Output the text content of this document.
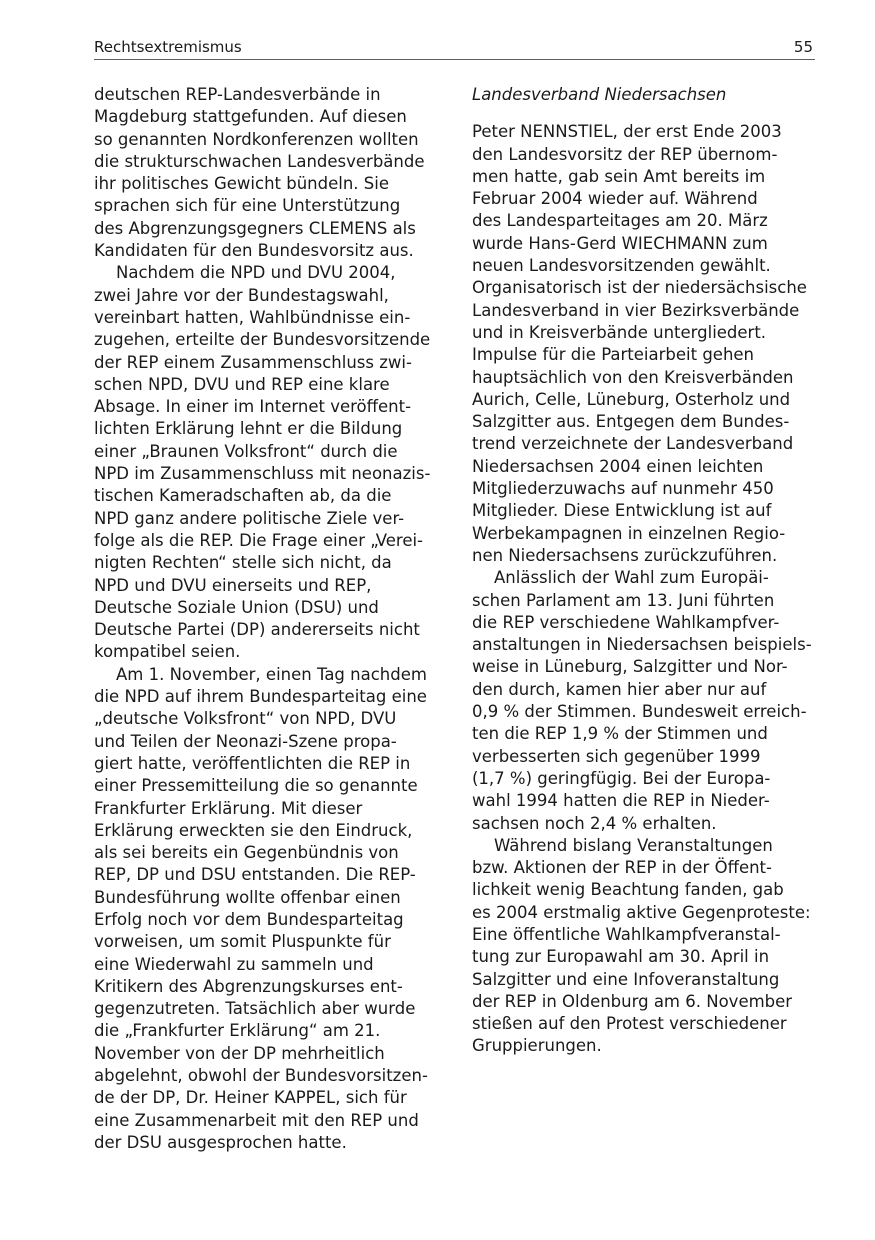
Rechtsextremismus	55
deutschen REP-Landesverbände in
Magdeburg stattgefunden. Auf diesen
so genannten Nordkonferenzen wollten
die strukturschwachen Landesverbände
ihr politisches Gewicht bündeln. Sie
sprachen sich für eine Unterstützung
des Abgrenzungsgegners CLEMENS als
Kandidaten für den Bundesvorsitz aus.
Nachdem die NPD und DVU 2004,
zwei Jahre vor der Bundestagswahl,
vereinbart hatten, Wahlbündnisse ein-
zugehen, erteilte der Bundesvorsitzende
der REP einem Zusammenschluss zwi-
schen NPD, DVU und REP eine klare
Absage. In einer im Internet veröffent-
lichten Erklärung lehnt er die Bildung
einer „Braunen Volksfront“ durch die
NPD im Zusammenschluss mit neonazis-
tischen Kameradschaften ab, da die
NPD ganz andere politische Ziele ver-
folge als die REP. Die Frage einer „Verei-
nigten Rechten“ stelle sich nicht, da
NPD und DVU einerseits und REP,
Deutsche Soziale Union (DSU) und
Deutsche Partei (DP) andererseits nicht
kompatibel seien.
Am 1. November, einen Tag nachdem
die NPD auf ihrem Bundesparteitag eine
„deutsche Volksfront“ von NPD, DVU
und Teilen der Neonazi-Szene propa-
giert hatte, veröffentlichten die REP in
einer Pressemitteilung die so genannte
Frankfurter Erklärung. Mit dieser
Erklärung erweckten sie den Eindruck,
als sei bereits ein Gegenbündnis von
REP, DP und DSU entstanden. Die REP-
Bundesführung wollte offenbar einen
Erfolg noch vor dem Bundesparteitag
vorweisen, um somit Pluspunkte für
eine Wiederwahl zu sammeln und
Kritikern des Abgrenzungskurses ent-
gegenzutreten. Tatsächlich aber wurde
die „Frankfurter Erklärung“ am 21.
November von der DP mehrheitlich
abgelehnt, obwohl der Bundesvorsitzen-
de der DP, Dr. Heiner KAPPEL, sich für
eine Zusammenarbeit mit den REP und
der DSU ausgesprochen hatte.
Landesverband Niedersachsen
Peter NENNSTIEL, der erst Ende 2003
den Landesvorsitz der REP übernom-
men hatte, gab sein Amt bereits im
Februar 2004 wieder auf. Während
des Landesparteitages am 20. März
wurde Hans-Gerd WIECHMANN zum
neuen Landesvorsitzenden gewählt.
Organisatorisch ist der niedersächsische
Landesverband in vier Bezirksverbände
und in Kreisverbände untergliedert.
Impulse für die Parteiarbeit gehen
hauptsächlich von den Kreisverbänden
Aurich, Celle, Lüneburg, Osterholz und
Salzgitter aus. Entgegen dem Bundes-
trend verzeichnete der Landesverband
Niedersachsen 2004 einen leichten
Mitgliederzuwachs auf nunmehr 450
Mitglieder. Diese Entwicklung ist auf
Werbekampagnen in einzelnen Regio-
nen Niedersachsens zurückzuführen.
Anlässlich der Wahl zum Europäi-
schen Parlament am 13. Juni führten
die REP verschiedene Wahlkampfver-
anstaltungen in Niedersachsen beispiels-
weise in Lüneburg, Salzgitter und Nor-
den durch, kamen hier aber nur auf
0,9 % der Stimmen. Bundesweit erreich-
ten die REP 1,9 % der Stimmen und
verbesserten sich gegenüber 1999
(1,7 %) geringfügig. Bei der Europa-
wahl 1994 hatten die REP in Nieder-
sachsen noch 2,4 % erhalten.
Während bislang Veranstaltungen
bzw. Aktionen der REP in der Öffent-
lichkeit wenig Beachtung fanden, gab
es 2004 erstmalig aktive Gegenproteste:
Eine öffentliche Wahlkampfveranstal-
tung zur Europawahl am 30. April in
Salzgitter und eine Infoveranstaltung
der REP in Oldenburg am 6. November
stießen auf den Protest verschiedener
Gruppierungen.
